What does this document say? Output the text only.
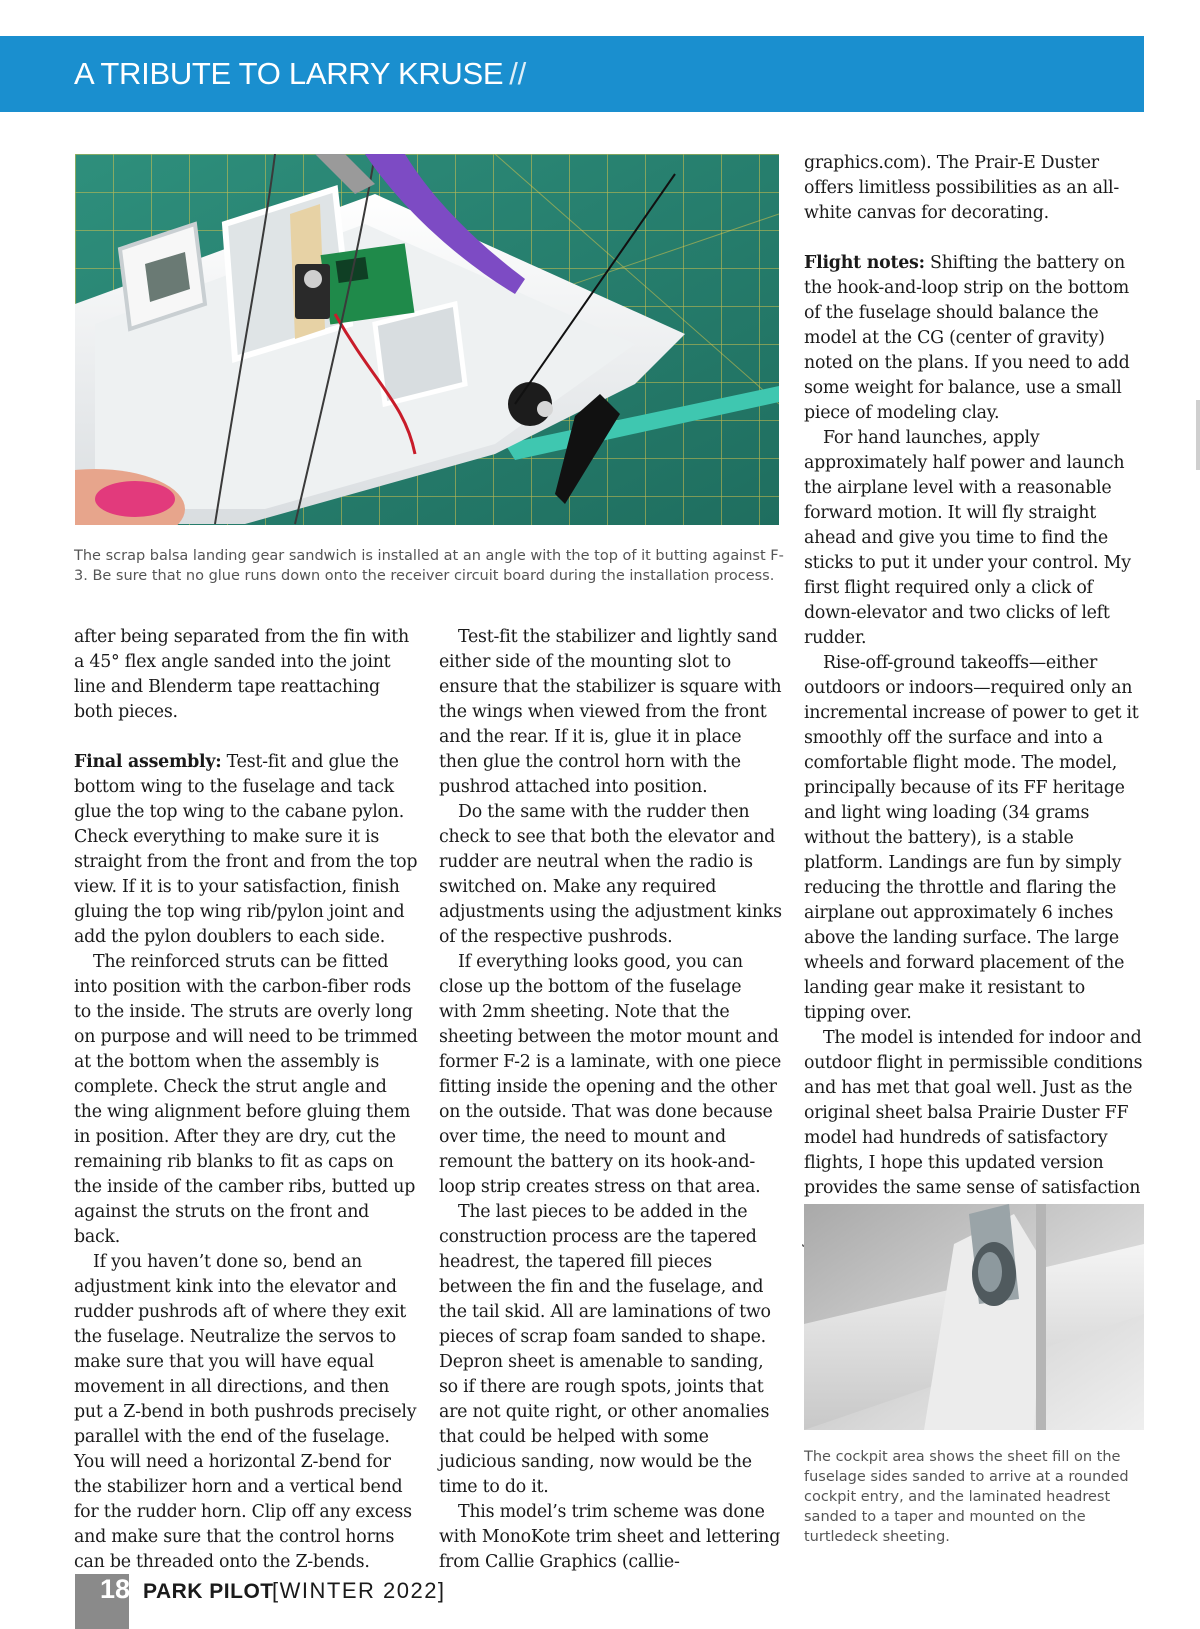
A TRIBUTE TO LARRY KRUSE //

The scrap balsa landing gear sandwich is installed at an angle with the top of it butting against F-3. Be sure that no glue runs down onto the receiver circuit board during the installation process.

after being separated from the fin with a 45° flex angle sanded into the joint line and Blenderm tape reattaching both pieces.

Final assembly: Test-fit and glue the bottom wing to the fuselage and tack glue the top wing to the cabane pylon. Check everything to make sure it is straight from the front and from the top view. If it is to your satisfaction, finish gluing the top wing rib/pylon joint and add the pylon doublers to each side.

The reinforced struts can be fitted into position with the carbon-fiber rods to the inside. The struts are overly long on purpose and will need to be trimmed at the bottom when the assembly is complete. Check the strut angle and the wing alignment before gluing them in position. After they are dry, cut the remaining rib blanks to fit as caps on the inside of the camber ribs, butted up against the struts on the front and back.

If you haven’t done so, bend an adjustment kink into the elevator and rudder pushrods aft of where they exit the fuselage. Neutralize the servos to make sure that you will have equal movement in all directions, and then put a Z-bend in both pushrods precisely parallel with the end of the fuselage. You will need a horizontal Z-bend for the stabilizer horn and a vertical bend for the rudder horn. Clip off any excess and make sure that the control horns can be threaded onto the Z-bends.

Test-fit the stabilizer and lightly sand either side of the mounting slot to ensure that the stabilizer is square with the wings when viewed from the front and the rear. If it is, glue it in place then glue the control horn with the pushrod attached into position.

Do the same with the rudder then check to see that both the elevator and rudder are neutral when the radio is switched on. Make any required adjustments using the adjustment kinks of the respective pushrods.

If everything looks good, you can close up the bottom of the fuselage with 2mm sheeting. Note that the sheeting between the motor mount and former F-2 is a laminate, with one piece fitting inside the opening and the other on the outside. That was done because over time, the need to mount and remount the battery on its hook-and-loop strip creates stress on that area.

The last pieces to be added in the construction process are the tapered headrest, the tapered fill pieces between the fin and the fuselage, and the tail skid. All are laminations of two pieces of scrap foam sanded to shape. Depron sheet is amenable to sanding, so if there are rough spots, joints that are not quite right, or other anomalies that could be helped with some judicious sanding, now would be the time to do it.

This model’s trim scheme was done with MonoKote trim sheet and lettering from Callie Graphics (callie-

graphics.com). The Prair-E Duster offers limitless possibilities as an all-white canvas for decorating.

Flight notes: Shifting the battery on the hook-and-loop strip on the bottom of the fuselage should balance the model at the CG (center of gravity) noted on the plans. If you need to add some weight for balance, use a small piece of modeling clay.

For hand launches, apply approximately half power and launch the airplane level with a reasonable forward motion. It will fly straight ahead and give you time to find the sticks to put it under your control. My first flight required only a click of down-elevator and two clicks of left rudder.

Rise-off-ground takeoffs—either outdoors or indoors—required only an incremental increase of power to get it smoothly off the surface and into a comfortable flight mode. The model, principally because of its FF heritage and light wing loading (34 grams without the battery), is a stable platform. Landings are fun by simply reducing the throttle and flaring the airplane out approximately 6 inches above the landing surface. The large wheels and forward placement of the landing gear make it resistant to tipping over.

The model is intended for indoor and outdoor flight in permissible conditions and has met that goal well. Just as the original sheet balsa Prairie Duster FF model had hundreds of satisfactory flights, I hope this updated version provides the same sense of satisfaction

The cockpit area shows the sheet fill on the fuselage sides sanded to arrive at a rounded cockpit entry, and the laminated headrest sanded to a taper and mounted on the turtledeck sheeting.

18 PARK PILOT
[WINTER 2022]
